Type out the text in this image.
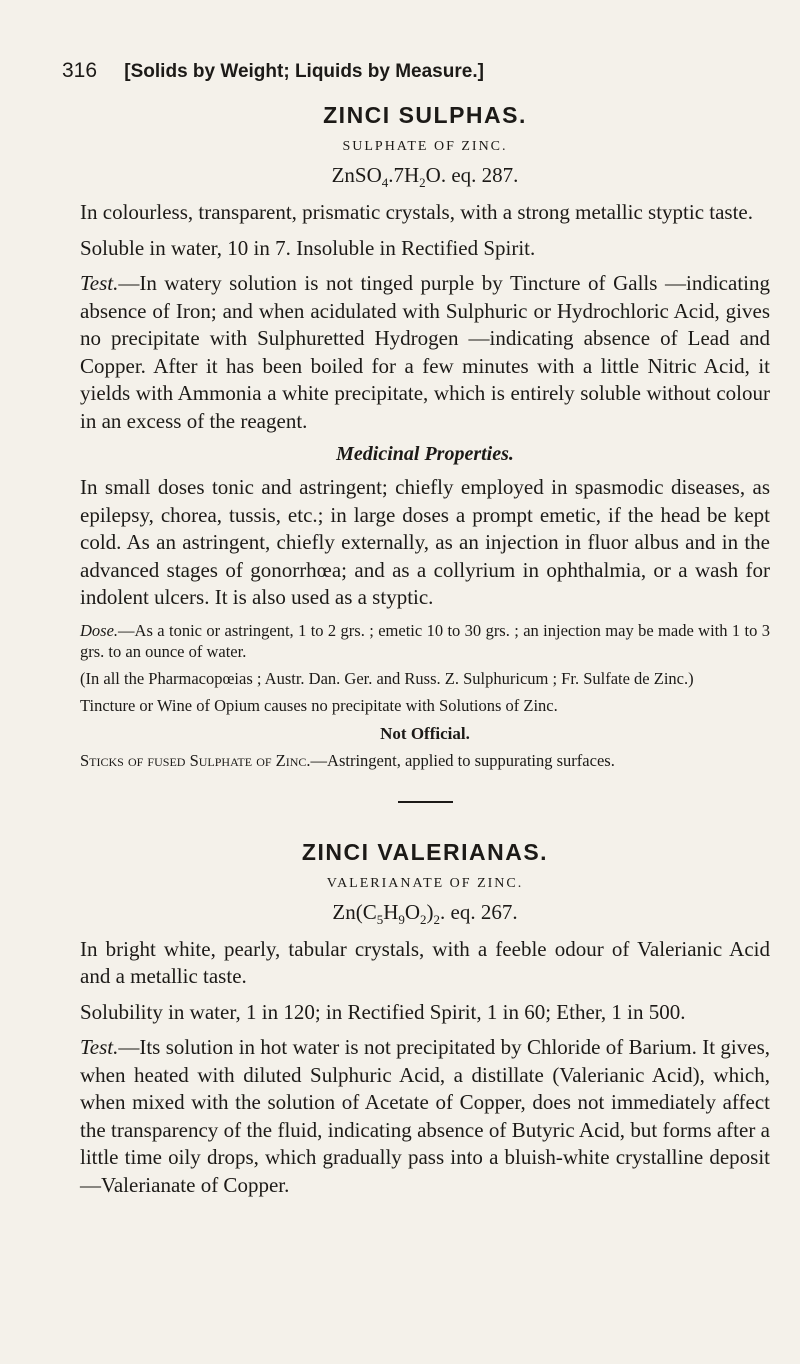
316 [Solids by Weight; Liquids by Measure.]
ZINCI SULPHAS.
SULPHATE OF ZINC.
$ZnSO_4.7H_2O$. eq. 287.

In colourless, transparent, prismatic crystals, with a strong metallic styptic taste.

Soluble in water, 10 in 7. Insoluble in Rectified Spirit.

Test.—In watery solution is not tinged purple by Tincture of Galls —indicating absence of Iron; and when acidulated with Sulphuric or Hydrochloric Acid, gives no precipitate with Sulphuretted Hydrogen —indicating absence of Lead and Copper. After it has been boiled for a few minutes with a little Nitric Acid, it yields with Ammonia a white precipitate, which is entirely soluble without colour in an excess of the reagent.

Medicinal Properties.

In small doses tonic and astringent; chiefly employed in spasmodic diseases, as epilepsy, chorea, tussis, etc.; in large doses a prompt emetic, if the head be kept cold. As an astringent, chiefly externally, as an injection in fluor albus and in the advanced stages of gonorrhœa; and as a collyrium in ophthalmia, or a wash for indolent ulcers. It is also used as a styptic.

Dose.—As a tonic or astringent, 1 to 2 grs. ; emetic 10 to 30 grs. ; an injection may be made with 1 to 3 grs. to an ounce of water.

(In all the Pharmacopœias ; Austr. Dan. Ger. and Russ. Z. Sulphuricum ; Fr. Sulfate de Zinc.)

Tincture or Wine of Opium causes no precipitate with Solutions of Zinc.

Not Official.

Sticks of fused Sulphate of Zinc.—Astringent, applied to suppurating surfaces.

ZINCI VALERIANAS.
VALERIANATE OF ZINC.
$Zn(C_5H_9O_2)_2$. eq. 267.

In bright white, pearly, tabular crystals, with a feeble odour of Valerianic Acid and a metallic taste.

Solubility in water, 1 in 120; in Rectified Spirit, 1 in 60; Ether, 1 in 500.

Test.—Its solution in hot water is not precipitated by Chloride of Barium. It gives, when heated with diluted Sulphuric Acid, a distillate (Valerianic Acid), which, when mixed with the solution of Acetate of Copper, does not immediately affect the transparency of the fluid, indicating absence of Butyric Acid, but forms after a little time oily drops, which gradually pass into a bluish-white crystalline deposit—Valerianate of Copper.
